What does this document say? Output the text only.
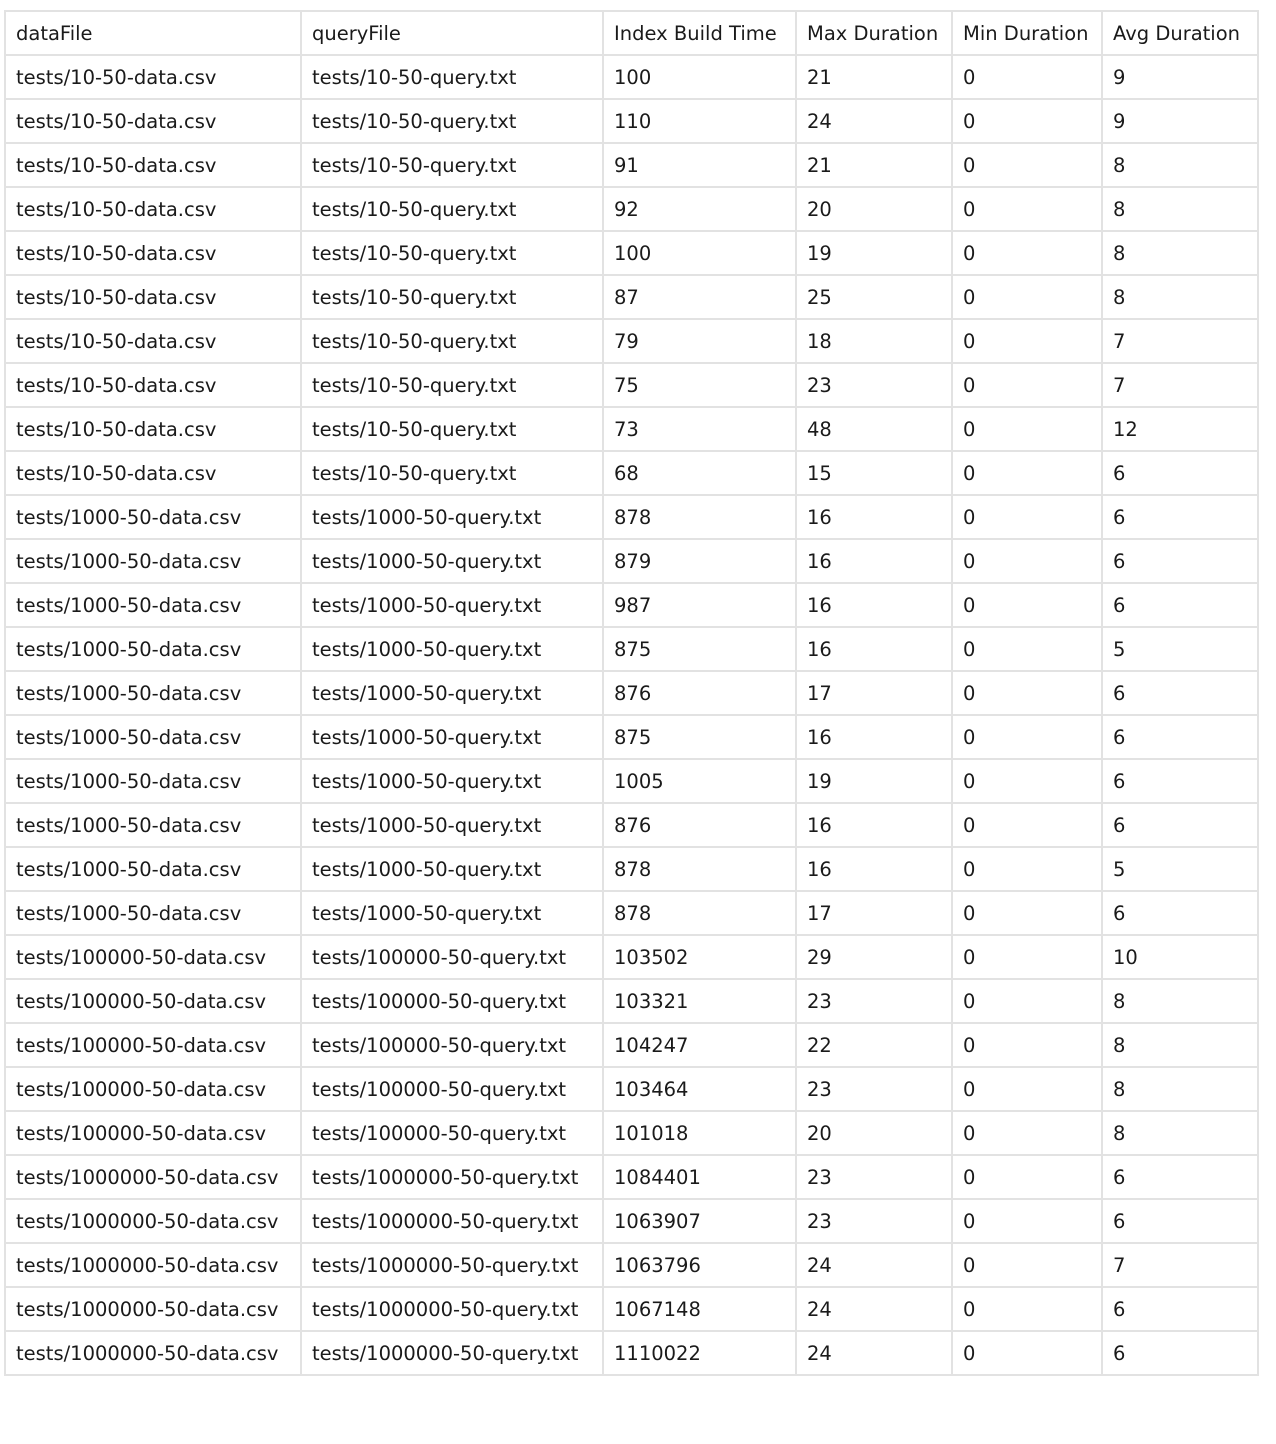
dataFile	queryFile	Index Build Time	Max Duration	Min Duration	Avg Duration
tests/10-50-data.csv	tests/10-50-query.txt	100	21	0	9
tests/10-50-data.csv	tests/10-50-query.txt	110	24	0	9
tests/10-50-data.csv	tests/10-50-query.txt	91	21	0	8
tests/10-50-data.csv	tests/10-50-query.txt	92	20	0	8
tests/10-50-data.csv	tests/10-50-query.txt	100	19	0	8
tests/10-50-data.csv	tests/10-50-query.txt	87	25	0	8
tests/10-50-data.csv	tests/10-50-query.txt	79	18	0	7
tests/10-50-data.csv	tests/10-50-query.txt	75	23	0	7
tests/10-50-data.csv	tests/10-50-query.txt	73	48	0	12
tests/10-50-data.csv	tests/10-50-query.txt	68	15	0	6
tests/1000-50-data.csv	tests/1000-50-query.txt	878	16	0	6
tests/1000-50-data.csv	tests/1000-50-query.txt	879	16	0	6
tests/1000-50-data.csv	tests/1000-50-query.txt	987	16	0	6
tests/1000-50-data.csv	tests/1000-50-query.txt	875	16	0	5
tests/1000-50-data.csv	tests/1000-50-query.txt	876	17	0	6
tests/1000-50-data.csv	tests/1000-50-query.txt	875	16	0	6
tests/1000-50-data.csv	tests/1000-50-query.txt	1005	19	0	6
tests/1000-50-data.csv	tests/1000-50-query.txt	876	16	0	6
tests/1000-50-data.csv	tests/1000-50-query.txt	878	16	0	5
tests/1000-50-data.csv	tests/1000-50-query.txt	878	17	0	6
tests/100000-50-data.csv	tests/100000-50-query.txt	103502	29	0	10
tests/100000-50-data.csv	tests/100000-50-query.txt	103321	23	0	8
tests/100000-50-data.csv	tests/100000-50-query.txt	104247	22	0	8
tests/100000-50-data.csv	tests/100000-50-query.txt	103464	23	0	8
tests/100000-50-data.csv	tests/100000-50-query.txt	101018	20	0	8
tests/1000000-50-data.csv	tests/1000000-50-query.txt	1084401	23	0	6
tests/1000000-50-data.csv	tests/1000000-50-query.txt	1063907	23	0	6
tests/1000000-50-data.csv	tests/1000000-50-query.txt	1063796	24	0	7
tests/1000000-50-data.csv	tests/1000000-50-query.txt	1067148	24	0	6
tests/1000000-50-data.csv	tests/1000000-50-query.txt	1110022	24	0	6
